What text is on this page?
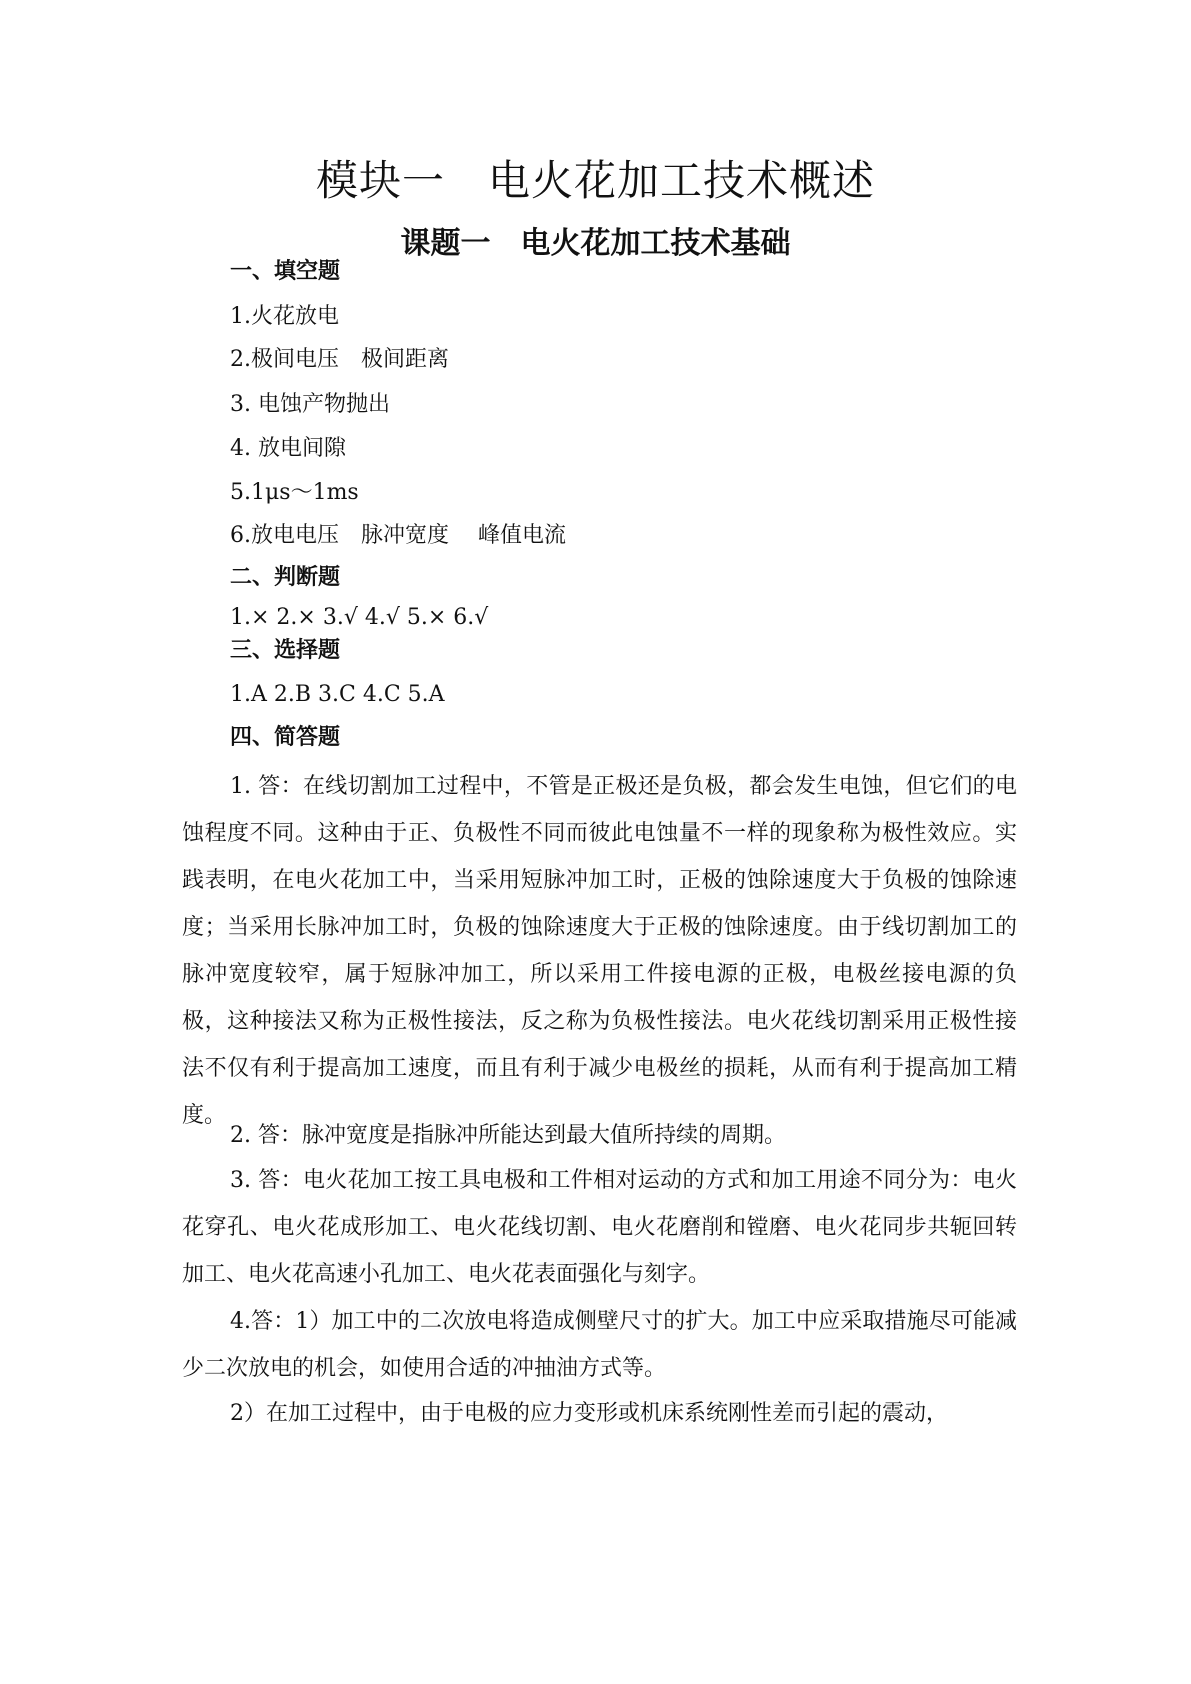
模块一　电火花加工技术概述
课题一　电火花加工技术基础
一、填空题
1.火花放电
2.极间电压　极间距离
3. 电蚀产物抛出
4. 放电间隙
5.1μs～1ms
6.放电电压　脉冲宽度　 峰值电流
二、判断题
1.× 2.× 3.√ 4.√ 5.× 6.√
三、选择题
1.A 2.B 3.C 4.C 5.A
四、简答题

1. 答：在线切割加工过程中，不管是正极还是负极，都会发生电蚀，但它们的电蚀程度不同。这种由于正、负极性不同而彼此电蚀量不一样的现象称为极性效应。实践表明，在电火花加工中，当采用短脉冲加工时，正极的蚀除速度大于负极的蚀除速度；当采用长脉冲加工时，负极的蚀除速度大于正极的蚀除速度。由于线切割加工的脉冲宽度较窄，属于短脉冲加工，所以采用工件接电源的正极，电极丝接电源的负极，这种接法又称为正极性接法，反之称为负极性接法。电火花线切割采用正极性接法不仅有利于提高加工速度，而且有利于减少电极丝的损耗，从而有利于提高加工精度。

2. 答：脉冲宽度是指脉冲所能达到最大值所持续的周期。

3. 答：电火花加工按工具电极和工件相对运动的方式和加工用途不同分为：电火花穿孔、电火花成形加工、电火花线切割、电火花磨削和镗磨、电火花同步共轭回转加工、电火花高速小孔加工、电火花表面强化与刻字。

4.答：1）加工中的二次放电将造成侧壁尺寸的扩大。加工中应采取措施尽可能减少二次放电的机会，如使用合适的冲抽油方式等。

2）在加工过程中，由于电极的应力变形或机床系统刚性差而引起的震动，
